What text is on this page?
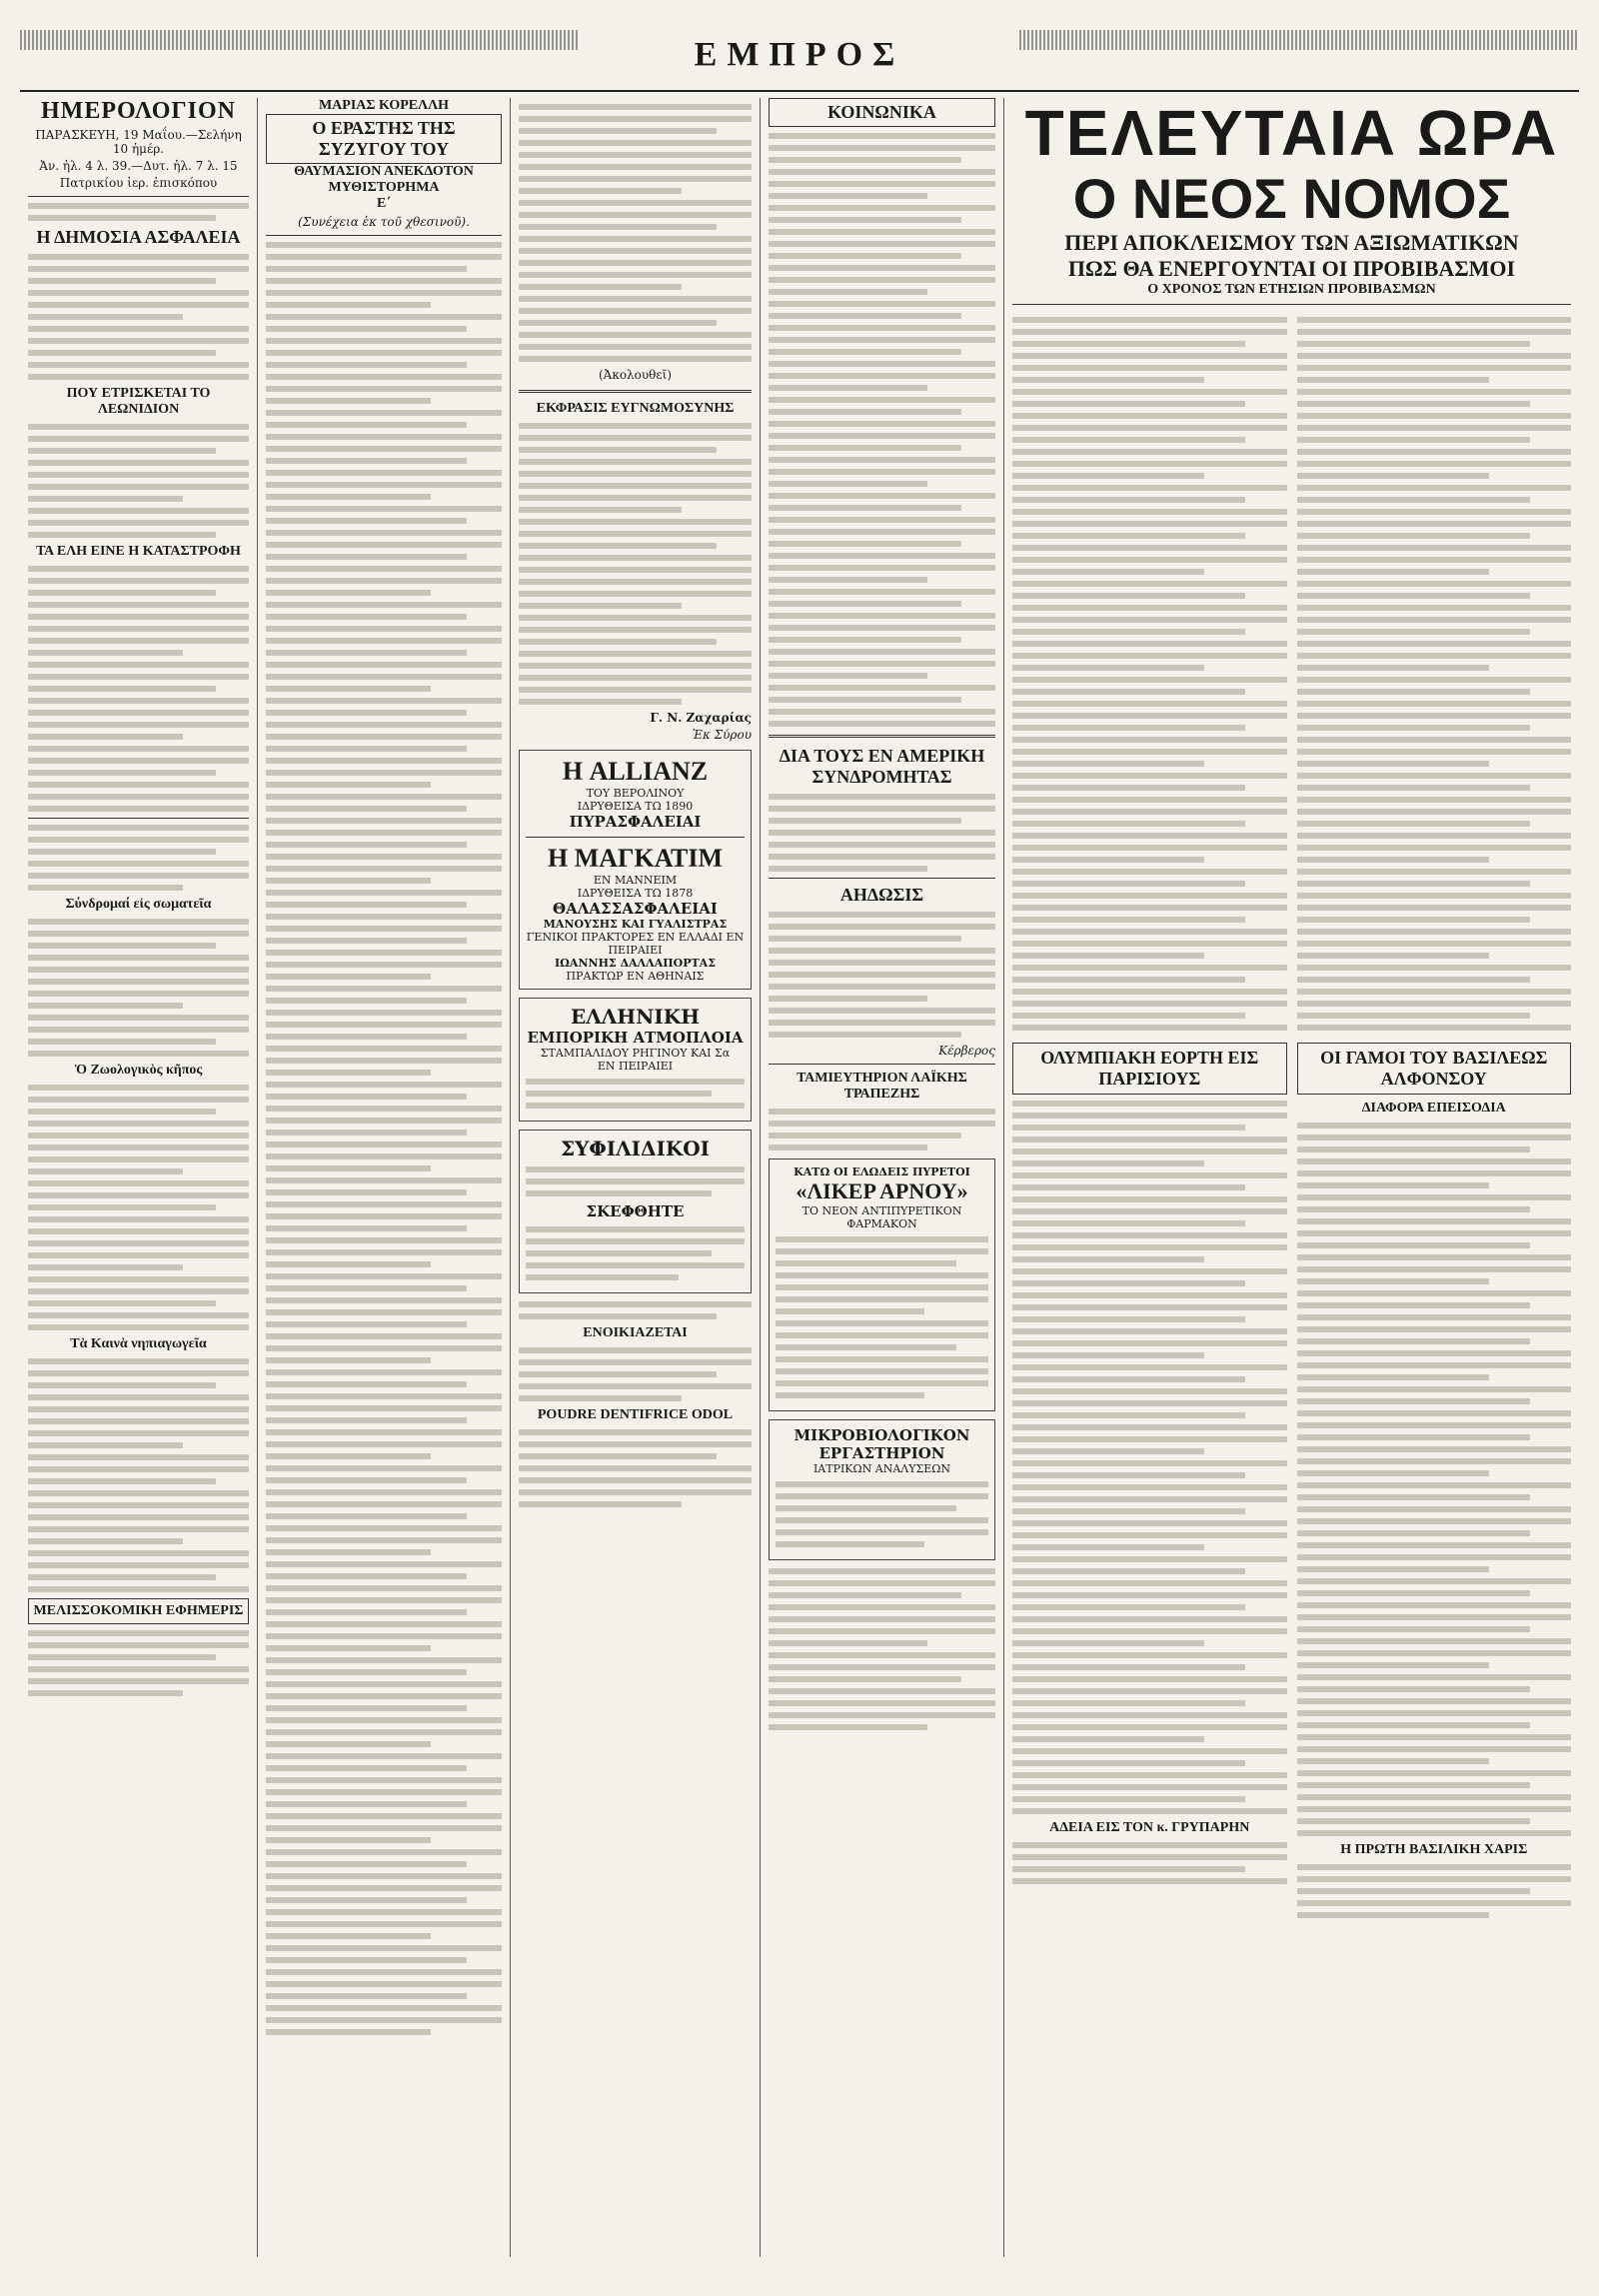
ΕΜΠΡΟΣ
ΗΜΕΡΟΛΟΓΙΟΝ
ΠΑΡΑΣΚΕΥΗ, 19 Μαΐου.—Σελήνη 10 ἡμέρ.
Ἀν. ἡλ. 4 λ. 39.—Δυτ. ἡλ. 7 λ. 15
Πατρικίου ἱερ. ἐπισκόπου
Η ΔΗΜΟΣΙΑ ΑΣΦΑΛΕΙΑ
ΠΟΥ ΕΤΡΙΣΚΕΤΑΙ ΤΟ ΛΕΩΝΙΔΙΟΝ
ΤΑ ΕΛΗ ΕΙΝΕ Η ΚΑΤΑΣΤΡΟΦΗ
Σύνδρομαί εἰς σωματεῖα
Ὁ Ζωολογικὸς κῆπος
Τὰ Καινὰ νηπιαγωγεῖα
ΜΕΛΙΣΣΟΚΟΜΙΚΗ ΕΦΗΜΕΡΙΣ
ΜΑΡΙΑΣ ΚΟΡΕΛΛΗ
Ο ΕΡΑΣΤΗΣ ΤΗΣ ΣΥΖΥΓΟΥ ΤΟΥ
ΘΑΥΜΑΣΙΟΝ ΑΝΕΚΔΟΤΟΝ ΜΥΘΙΣΤΟΡΗΜΑ
Ε΄
(Συνέχεια ἐκ τοῦ χθεσινοῦ).
(Ἀκολουθεῖ)
ΕΚΦΡΑΣΙΣ ΕΥΓΝΩΜΟΣΥΝΗΣ
Γ. Ν. Ζαχαρίας
Ἐκ Σύρου
Η ALLIANZ
ΤΟΥ ΒΕΡΟΛΙΝΟΥ
ΙΔΡΥΘΕΙΣΑ ΤΩ 1890
ΠΥΡΑΣΦΑΛΕΙΑΙ
Η ΜΑΓΚΑΤΙΜ
ΕΝ ΜΑΝΝΕΙΜ
ΙΔΡΥΘΕΙΣΑ ΤΩ 1878
ΘΑΛΑΣΣΑΣΦΑΛΕΙΑΙ
ΜΑΝΟΥΣΗΣ ΚΑΙ ΓΥΑΛΙΣΤΡΑΣ
ΓΕΝΙΚΟΙ ΠΡΑΚΤΟΡΕΣ ΕΝ ΕΛΛΑΔΙ ΕΝ ΠΕΙΡΑΙΕΙ
ΙΩΑΝΝΗΣ ΔΑΛΛΑΠΟΡΤΑΣ
ΠΡΑΚΤΩΡ ΕΝ ΑΘΗΝΑΙΣ
ΕΛΛΗΝΙΚΗ
ΕΜΠΟΡΙΚΗ ΑΤΜΟΠΛΟΙΑ
ΣΤΑΜΠΑΛΙΔΟΥ ΡΗΓΙΝΟΥ ΚΑΙ Σα
ΕΝ ΠΕΙΡΑΙΕΙ
ΣΥΦΙΛΙΔΙΚΟΙ
ΣΚΕΦΘΗΤΕ
ΕΝΟΙΚΙΑΖΕΤΑΙ
POUDRE DENTIFRICE ODOL
ΚΟΙΝΩΝΙΚΑ
ΔΙΑ ΤΟΥΣ ΕΝ ΑΜΕΡΙΚΗ ΣΥΝΔΡΟΜΗΤΑΣ
ΑΗΔΩΣΙΣ
Κέρβερος
ΤΑΜΙΕΥΤΗΡΙΟΝ ΛΑΪΚΗΣ ΤΡΑΠΕΖΗΣ
ΚΑΤΩ ΟΙ ΕΛΩΔΕΙΣ ΠΥΡΕΤΟΙ
«ΛΙΚΕΡ ΑΡΝΟΥ»
ΤΟ ΝΕΟΝ ΑΝΤΙΠΥΡΕΤΙΚΟΝ ΦΑΡΜΑΚΟΝ
ΜΙΚΡΟΒΙΟΛΟΓΙΚΟΝ ΕΡΓΑΣΤΗΡΙΟΝ
ΙΑΤΡΙΚΩΝ ΑΝΑΛΥΣΕΩΝ
ΤΕΛΕΥΤΑΙΑ ΩΡΑ
Ο ΝΕΟΣ ΝΟΜΟΣ
ΠΕΡΙ ΑΠΟΚΛΕΙΣΜΟΥ ΤΩΝ ΑΞΙΩΜΑΤΙΚΩΝ
ΠΩΣ ΘΑ ΕΝΕΡΓΟΥΝΤΑΙ ΟΙ ΠΡΟΒΙΒΑΣΜΟΙ
Ο ΧΡΟΝΟΣ ΤΩΝ ΕΤΗΣΙΩΝ ΠΡΟΒΙΒΑΣΜΩΝ
ΟΛΥΜΠΙΑΚΗ ΕΟΡΤΗ ΕΙΣ ΠΑΡΙΣΙΟΥΣ
ΑΔΕΙΑ ΕΙΣ ΤΟΝ κ. ΓΡΥΠΑΡΗΝ
ΟΙ ΓΑΜΟΙ ΤΟΥ ΒΑΣΙΛΕΩΣ ΑΛΦΟΝΣΟΥ
ΔΙΑΦΟΡΑ ΕΠΕΙΣΟΔΙΑ
Η ΠΡΩΤΗ ΒΑΣΙΛΙΚΗ ΧΑΡΙΣ
